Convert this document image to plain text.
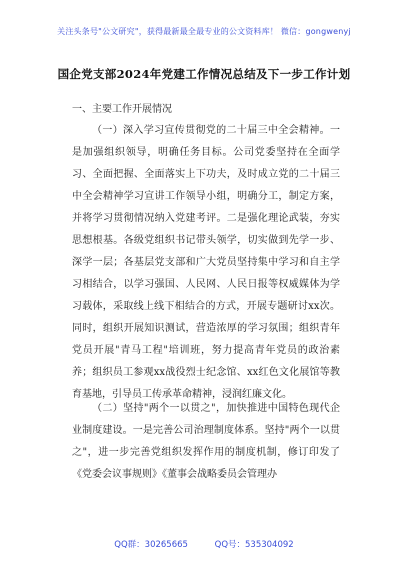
关注头条号"公文研究"，获得最新最全最专业的公文资料库！ 微信：gongwenyj
国企党支部2024年党建工作情况总结及下一步工作计划
一、主要工作开展情况

（一）深入学习宣传贯彻党的二十届三中全会精神。一是加强组织领导，明确任务目标。公司党委坚持在全面学习、全面把握、全面落实上下功夫，及时成立党的二十届三中全会精神学习宣讲工作领导小组，明确分工，制定方案，并将学习贯彻情况纳入党建考评。二是强化理论武装，夯实思想根基。各级党组织书记带头领学，切实做到先学一步、深学一层；各基层党支部和广大党员坚持集中学习和自主学习相结合，以学习强国、人民网、人民日报等权威媒体为学习载体，采取线上线下相结合的方式，开展专题研讨xx次。同时，组织开展知识测试，营造浓厚的学习氛围；组织青年党员开展"青马工程"培训班，努力提高青年党员的政治素养；组织员工参观xx战役烈士纪念馆、xx红色文化展馆等教育基地，引导员工传承革命精神，浸润红廉文化。

（二）坚持"两个一以贯之"，加快推进中国特色现代企业制度建设。一是完善公司治理制度体系。坚持"两个一以贯之"，进一步完善党组织发挥作用的制度机制，修订印发了《党委会议事规则》《董事会战略委员会管理办

QQ群：30265665	QQ号：535304092
